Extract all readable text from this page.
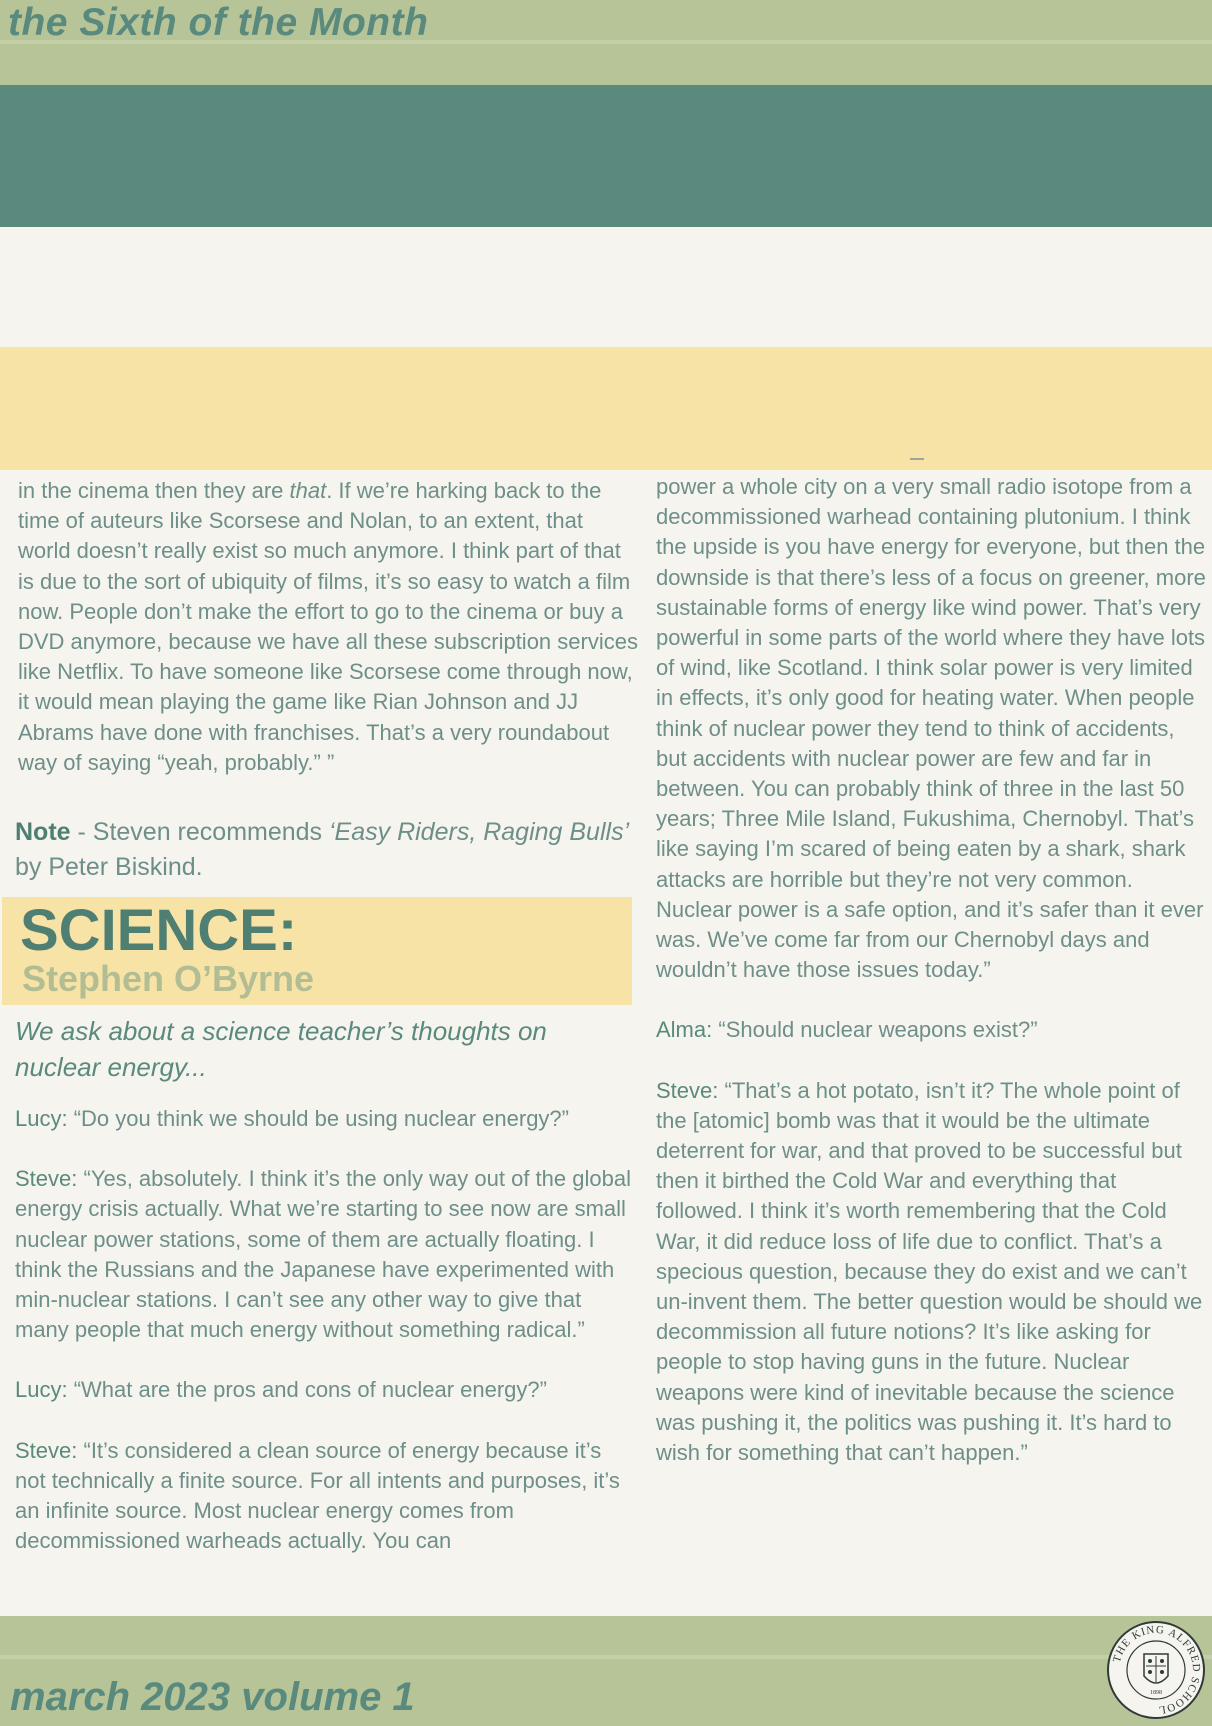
the Sixth of the Month

in the cinema then they are that. If we’re harking back to the time of auteurs like Scorsese and Nolan, to an extent, that world doesn’t really exist so much anymore. I think part of that is due to the sort of ubiquity of films, it’s so easy to watch a film now. People don’t make the effort to go to the cinema or buy a DVD anymore, because we have all these subscription services like Netflix. To have someone like Scorsese come through now, it would mean playing the game like Rian Johnson and JJ Abrams have done with franchises. That’s a very roundabout way of saying “yeah, probably.” ”

Note - Steven recommends ‘Easy Riders, Raging Bulls’ by Peter Biskind.
SCIENCE:
Stephen O’Byrne
We ask about a science teacher’s thoughts on nuclear energy...

Lucy: “Do you think we should be using nuclear energy?”

Steve: “Yes, absolutely. I think it’s the only way out of the global energy crisis actually. What we’re starting to see now are small nuclear power stations, some of them are actually floating. I think the Russians and the Japanese have experimented with min-nuclear stations. I can’t see any other way to give that many people that much energy without something radical.”

Lucy: “What are the pros and cons of nuclear energy?”

Steve: “It’s considered a clean source of energy because it’s not technically a finite source. For all intents and purposes, it’s an infinite source. Most nuclear energy comes from decommissioned warheads actually. You can

power a whole city on a very small radio isotope from a decommissioned warhead containing plutonium. I think the upside is you have energy for everyone, but then the downside is that there’s less of a focus on greener, more sustainable forms of energy like wind power. That’s very powerful in some parts of the world where they have lots of wind, like Scotland. I think solar power is very limited in effects, it’s only good for heating water. When people think of nuclear power they tend to think of accidents, but accidents with nuclear power are few and far in between. You can probably think of three in the last 50 years; Three Mile Island, Fukushima, Chernobyl. That’s like saying I’m scared of being eaten by a shark, shark attacks are horrible but they’re not very common. Nuclear power is a safe option, and it’s safer than it ever was. We’ve come far from our Chernobyl days and wouldn’t have those issues today.”

Alma: “Should nuclear weapons exist?”

Steve: “That’s a hot potato, isn’t it? The whole point of the [atomic] bomb was that it would be the ultimate deterrent for war, and that proved to be successful but then it birthed the Cold War and everything that followed. I think it’s worth remembering that the Cold War, it did reduce loss of life due to conflict. That’s a specious question, because they do exist and we can’t un-invent them. The better question would be should we decommission all future notions? It’s like asking for people to stop having guns in the future. Nuclear weapons were kind of inevitable because the science was pushing it, the politics was pushing it. It’s hard to wish for something that can’t happen.”

march 2023 volume 1
THE KING ALFRED SCHOOL
1898
